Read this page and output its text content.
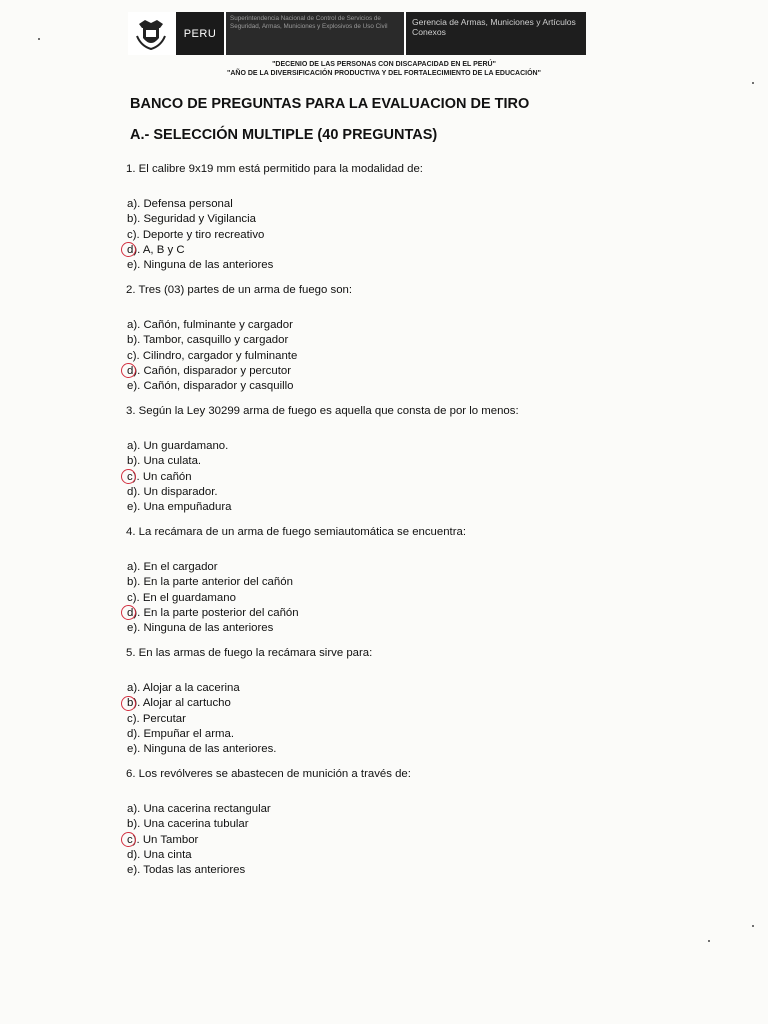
PERU
Superintendencia Nacional de Control de Servicios de Seguridad, Armas, Municiones y Explosivos de Uso Civil	Gerencia de Armas, Municiones y Artículos Conexos
"DECENIO DE LAS PERSONAS CON DISCAPACIDAD EN EL PERÚ"
"AÑO DE LA DIVERSIFICACIÓN PRODUCTIVA Y DEL FORTALECIMIENTO DE LA EDUCACIÓN"
BANCO DE PREGUNTAS PARA LA EVALUACION DE TIRO
A.- SELECCIÓN MULTIPLE (40 PREGUNTAS)
1. El calibre 9x19 mm está permitido para la modalidad de:
a). Defensa personal
b). Seguridad y Vigilancia
c). Deporte y tiro recreativo
d). A, B y C
e). Ninguna de las anteriores
2. Tres (03) partes de un arma de fuego son:
a). Cañón, fulminante y cargador
b). Tambor, casquillo y cargador
c). Cilindro, cargador y fulminante
d). Cañón, disparador y percutor
e). Cañón, disparador y casquillo
3. Según la Ley 30299 arma de fuego es aquella que consta de por lo menos:
a). Un guardamano.
b). Una culata.
c). Un cañón
d). Un disparador.
e). Una empuñadura
4. La recámara de un arma de fuego semiautomática se encuentra:
a). En el cargador
b). En la parte anterior del cañón
c). En el guardamano
d). En la parte posterior del cañón
e). Ninguna de las anteriores
5. En las armas de fuego la recámara sirve para:
a). Alojar a la cacerina
b). Alojar al cartucho
c). Percutar
d). Empuñar el arma.
e). Ninguna de las anteriores.
6. Los revólveres se abastecen de munición a través de:
a). Una cacerina rectangular
b). Una cacerina tubular
c). Un Tambor
d). Una cinta
e). Todas las anteriores
